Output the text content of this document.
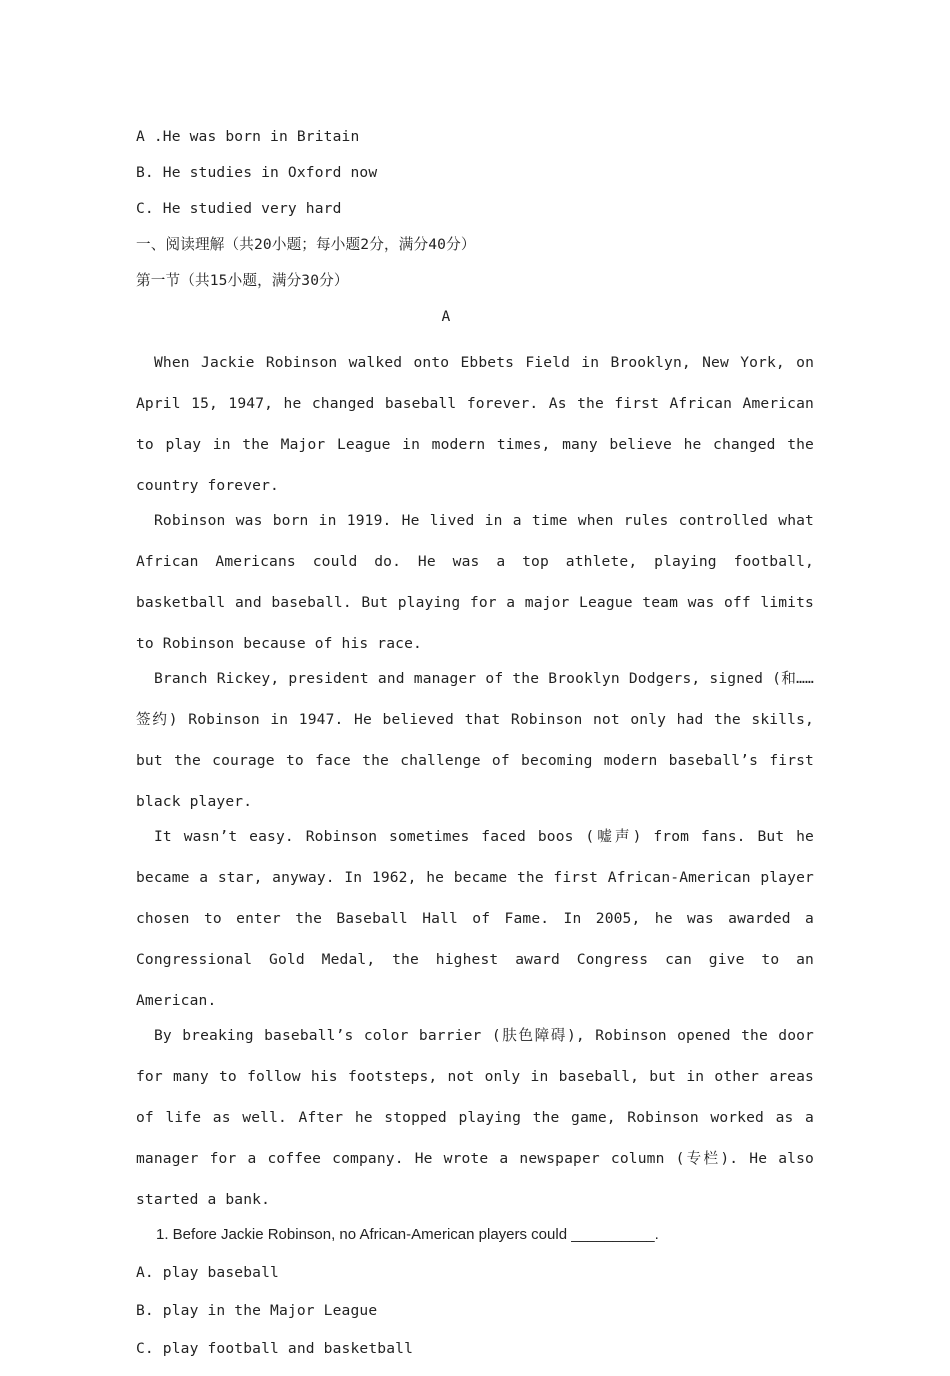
A .He was born in Britain
B. He studies in Oxford now
C. He studied very hard
一、阅读理解（共20小题；每小题2分，满分40分）
第一节（共15小题，满分30分）
A

When Jackie Robinson walked onto Ebbets Field in Brooklyn, New York, on April 15, 1947, he changed baseball forever. As the first African American to play in the Major League in modern times, many believe he changed the country forever.

Robinson was born in 1919. He lived in a time when rules controlled what African Americans could do. He was a top athlete, playing football, basketball and baseball. But playing for a major League team was off limits to Robinson because of his race.

Branch Rickey, president and manager of the Brooklyn Dodgers, signed (和……签约) Robinson in 1947. He believed that Robinson not only had the skills, but the courage to face the challenge of becoming modern baseball’s first black player.

It wasn’t easy. Robinson sometimes faced boos (嘘声) from fans. But he became a star, anyway. In 1962, he became the first African-American player chosen to enter the Baseball Hall of Fame. In 2005, he was awarded a Congressional Gold Medal, the highest award Congress can give to an American.

By breaking baseball’s color barrier (肤色障碍), Robinson opened the door for many to follow his footsteps, not only in baseball, but in other areas of life as well. After he stopped playing the game, Robinson worked as a manager for a coffee company. He wrote a newspaper column (专栏). He also started a bank.

1. Before Jackie Robinson, no African-American players could __________.
A. play baseball
B. play in the Major League
C. play football and basketball
